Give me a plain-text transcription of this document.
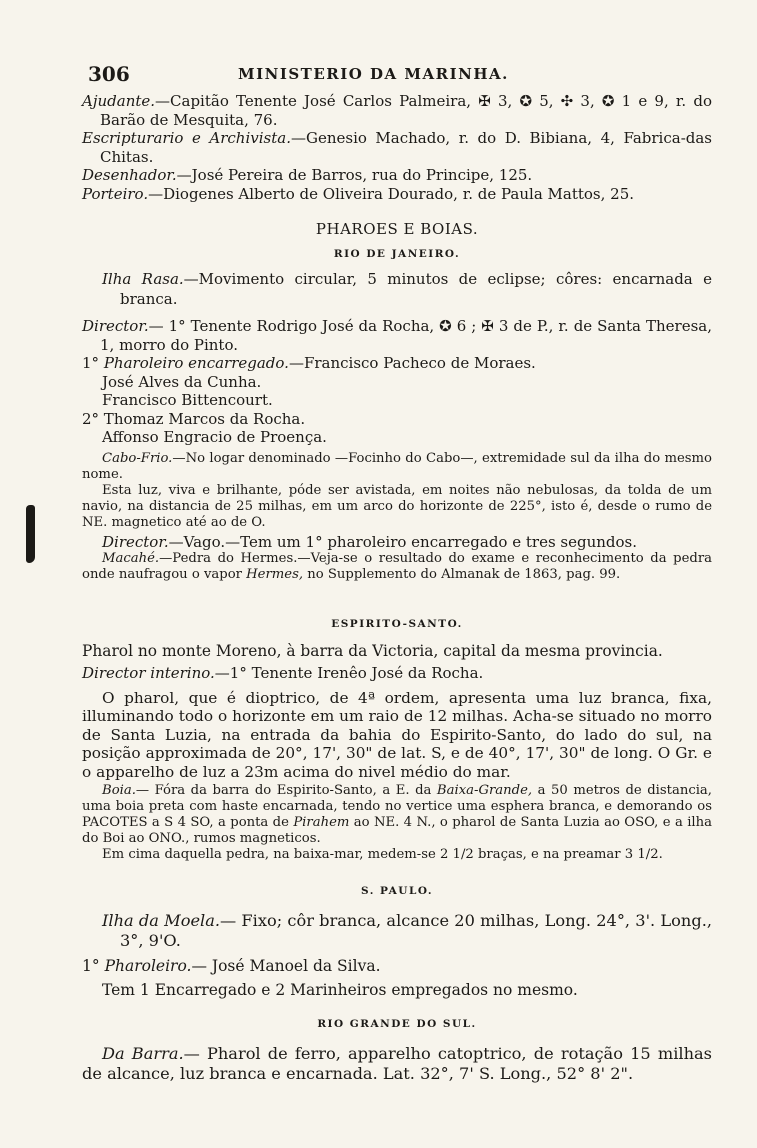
306	MINISTERIO DA MARINHA.

Ajudante.—Capitão Tenente José Carlos Palmeira, ✠ 3, ✪ 5, ✣ 3, ✪ 1 e 9, r. do Barão de Mesquita, 76.

Escripturario e Archivista.—Genesio Machado, r. do D. Bibiana, 4, Fabrica-das Chitas.

Desenhador.—José Pereira de Barros, rua do Principe, 125.

Porteiro.—Diogenes Alberto de Oliveira Dourado, r. de Paula Mattos, 25.

PHAROES E BOIAS.

RIO DE JANEIRO.

Ilha Rasa.—Movimento circular, 5 minutos de eclipse; côres: encarnada e branca.

Director.— 1° Tenente Rodrigo José da Rocha, ✪ 6 ; ✠ 3 de P., r. de Santa Theresa, 1, morro do Pinto.

1° Pharoleiro encarregado.—Francisco Pacheco de Moraes.

José Alves da Cunha.

Francisco Bittencourt.

2° Thomaz Marcos da Rocha.

Affonso Engracio de Proença.

Cabo-Frio.—No logar denominado —Focinho do Cabo—, extremidade sul da ilha do mesmo nome.

Esta luz, viva e brilhante, póde ser avistada, em noites não nebulosas, da tolda de um navio, na distancia de 25 milhas, em um arco do horizonte de 225°, isto é, desde o rumo de NE. magnetico até ao de O.

Director.—Vago.—Tem um 1° pharoleiro encarregado e tres segundos.

Macahé.—Pedra do Hermes.—Veja-se o resultado do exame e reconhecimento da pedra onde naufragou o vapor Hermes, no Supplemento do Almanak de 1863, pag. 99.

ESPIRITO-SANTO.

Pharol no monte Moreno, à barra da Victoria, capital da mesma provincia.

Director interino.—1° Tenente Irenêo José da Rocha.

O pharol, que é dioptrico, de 4ª ordem, apresenta uma luz branca, fixa, illuminando todo o horizonte em um raio de 12 milhas. Acha-se situado no morro de Santa Luzia, na entrada da bahia do Espirito-Santo, do lado do sul, na posição approximada de 20°, 17', 30" de lat. S, e de 40°, 17', 30" de long. O Gr. e o apparelho de luz a 23m acima do nivel médio do mar.

Boia.— Fóra da barra do Espirito-Santo, a E. da Baixa-Grande, a 50 metros de distancia, uma boia preta com haste encarnada, tendo no vertice uma esphera branca, e demorando os PACOTES a S 4 SO, a ponta de Pirahem ao NE. 4 N., o pharol de Santa Luzia ao OSO, e a ilha do Boi ao ONO., rumos magneticos.

Em cima daquella pedra, na baixa-mar, medem-se 2 1/2 braças, e na preamar 3 1/2.

S. PAULO.

Ilha da Moela.— Fixo; côr branca, alcance 20 milhas, Long. 24°, 3'. Long., 3°, 9'O.

1° Pharoleiro.— José Manoel da Silva.

Tem 1 Encarregado e 2 Marinheiros empregados no mesmo.

RIO GRANDE DO SUL.

Da Barra.— Pharol de ferro, apparelho catoptrico, de rotação 15 milhas de alcance, luz branca e encarnada. Lat. 32°, 7' S. Long., 52° 8' 2".
